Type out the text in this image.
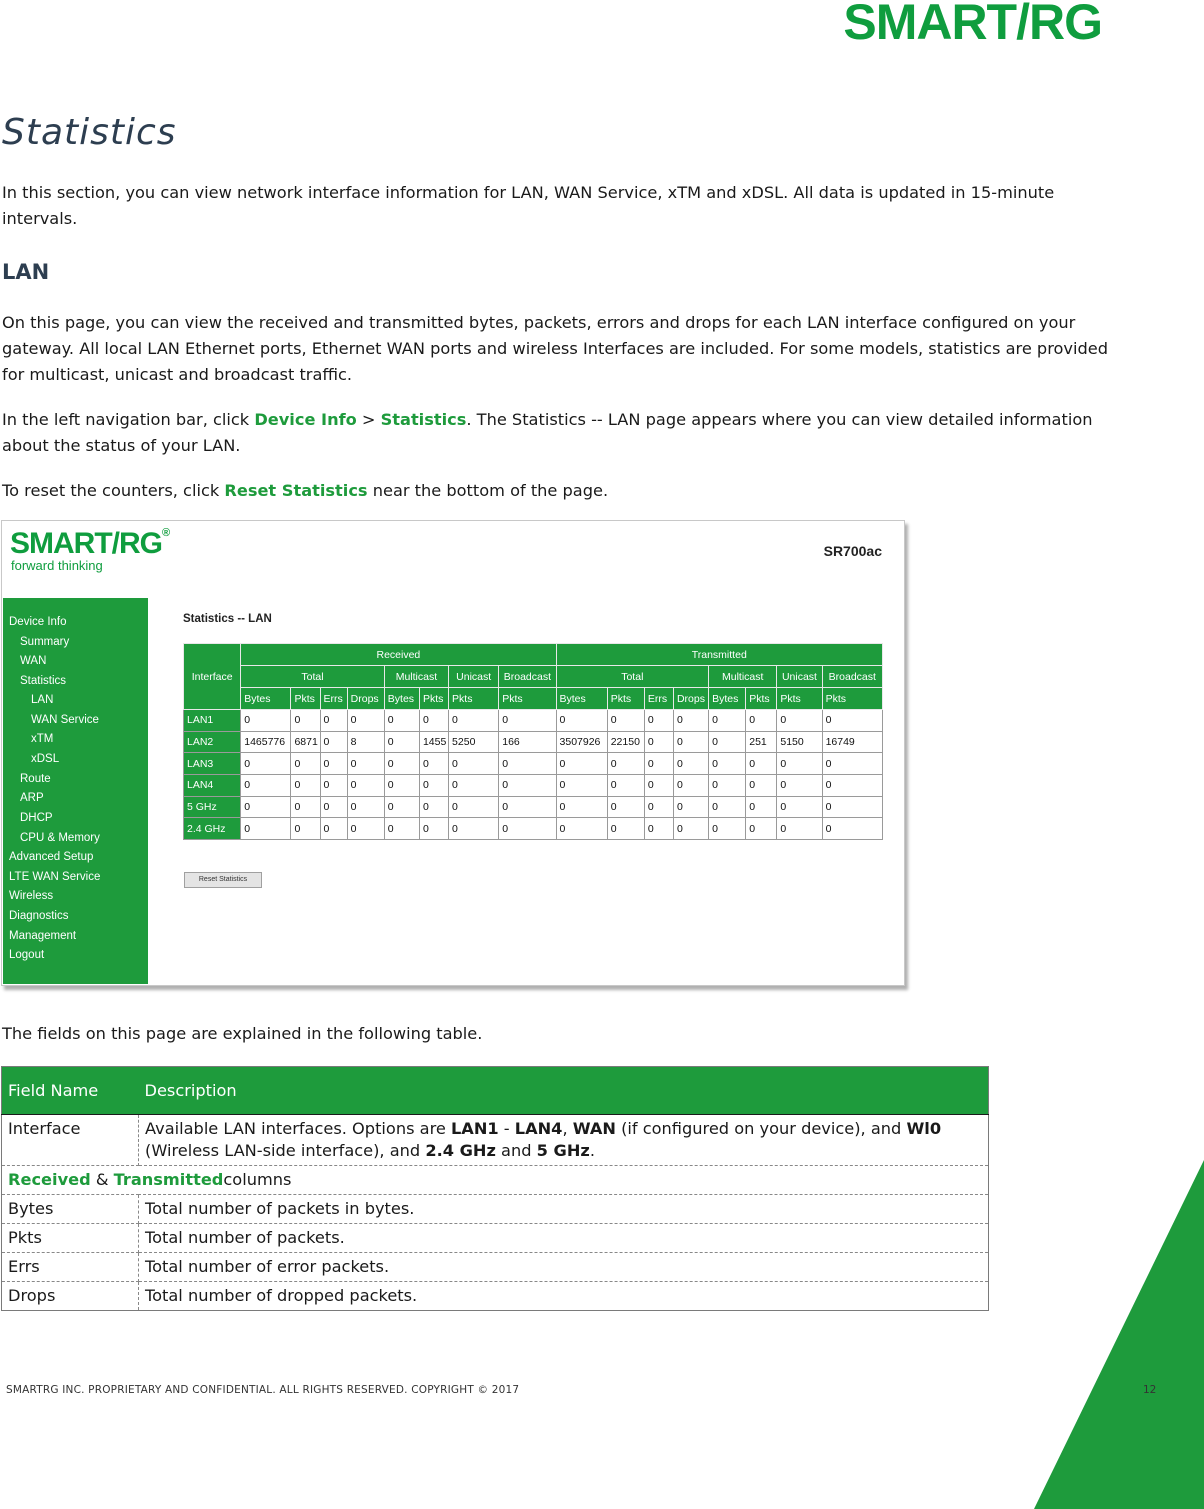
SMART/RG
Statistics
In this section, you can view network interface information for LAN, WAN Service, xTM and xDSL. All data is updated in 15-minute intervals.
LAN
On this page, you can view the received and transmitted bytes, packets, errors and drops for each LAN interface configured on your gateway. All local LAN Ethernet ports, Ethernet WAN ports and wireless Interfaces are included. For some models, statistics are provided for multicast, unicast and broadcast traffic.
In the left navigation bar, click Device Info > Statistics. The Statistics -- LAN page appears where you can view detailed information about the status of your LAN.
To reset the counters, click Reset Statistics near the bottom of the page.
SMART/RG®
forward thinking
SR700ac
Device Info
Summary
WAN
Statistics
LAN
WAN Service
xTM
xDSL
Route
ARP
DHCP
CPU & Memory
Advanced Setup
LTE WAN Service
Wireless
Diagnostics
Management
Logout
Statistics -- LAN
Interface	Received								Transmitted							
	Total				Multicast		Unicast	Broadcast	Total				Multicast		Unicast	Broadcast
	Bytes	Pkts	Errs	Drops	Bytes	Pkts	Pkts	Pkts	Bytes	Pkts	Errs	Drops	Bytes	Pkts	Pkts	Pkts
LAN1	0	0	0	0	0	0	0	0	0	0	0	0	0	0	0	0
LAN2	1465776	6871	0	8	0	1455	5250	166	3507926	22150	0	0	0	251	5150	16749
LAN3	0	0	0	0	0	0	0	0	0	0	0	0	0	0	0	0
LAN4	0	0	0	0	0	0	0	0	0	0	0	0	0	0	0	0
5 GHz	0	0	0	0	0	0	0	0	0	0	0	0	0	0	0	0
2.4 GHz	0	0	0	0	0	0	0	0	0	0	0	0	0	0	0	0
Reset Statistics
The fields on this page are explained in the following table.
Field Name	Description
Interface	Available LAN interfaces. Options are LAN1 - LAN4, WAN (if configured on your device), and Wl0 (Wireless LAN-side interface), and 2.4 GHz and 5 GHz.
Received & Transmittedcolumns	
Bytes	Total number of packets in bytes.
Pkts	Total number of packets.
Errs	Total number of error packets.
Drops	Total number of dropped packets.
SMARTRG INC. PROPRIETARY AND CONFIDENTIAL. ALL RIGHTS RESERVED. COPYRIGHT © 2017	12
